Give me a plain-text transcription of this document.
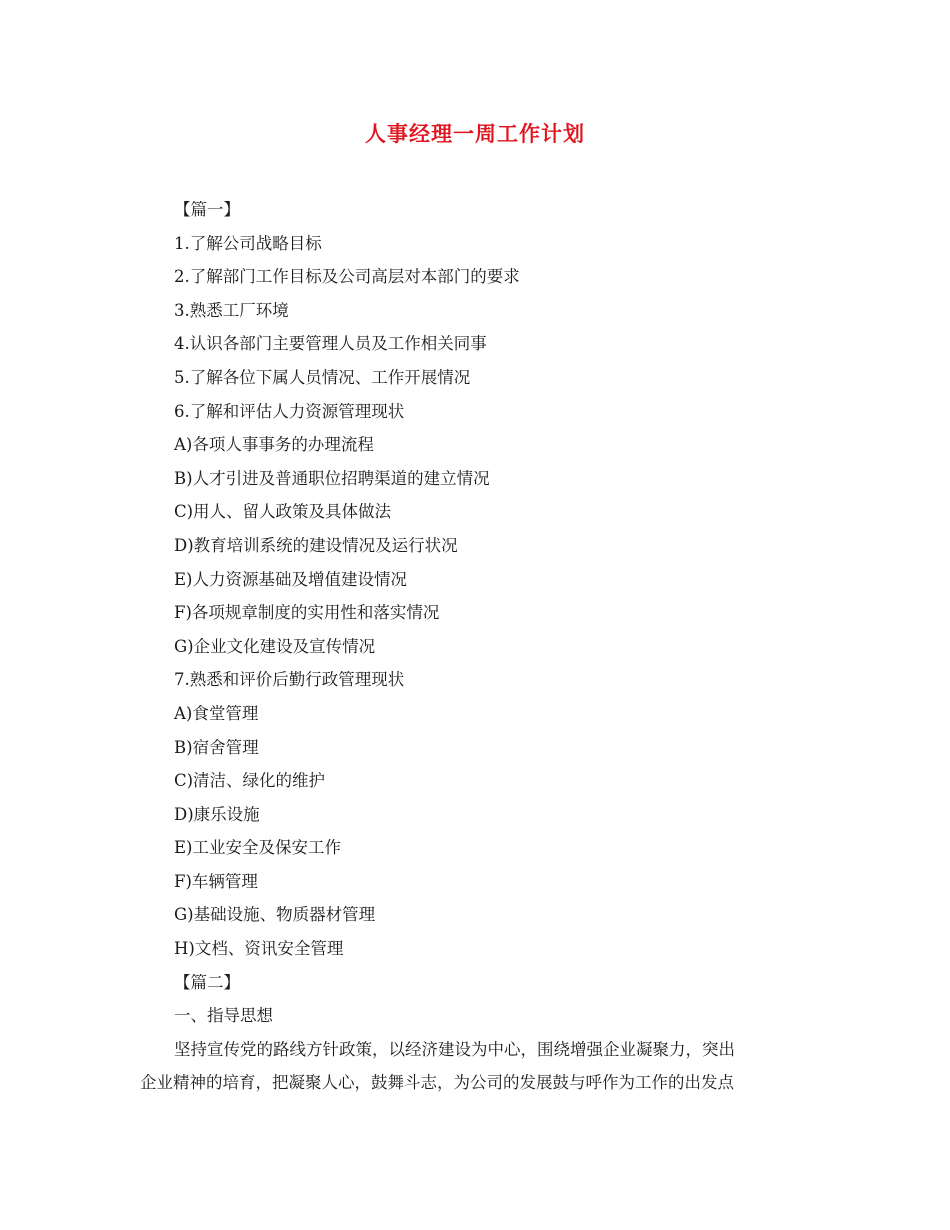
人事经理一周工作计划
【篇一】
1.了解公司战略目标
2.了解部门工作目标及公司高层对本部门的要求
3.熟悉工厂环境
4.认识各部门主要管理人员及工作相关同事
5.了解各位下属人员情况、工作开展情况
6.了解和评估人力资源管理现状
A)各项人事事务的办理流程
B)人才引进及普通职位招聘渠道的建立情况
C)用人、留人政策及具体做法
D)教育培训系统的建设情况及运行状况
E)人力资源基础及增值建设情况
F)各项规章制度的实用性和落实情况
G)企业文化建设及宣传情况
7.熟悉和评价后勤行政管理现状
A)食堂管理
B)宿舍管理
C)清洁、绿化的维护
D)康乐设施
E)工业安全及保安工作
F)车辆管理
G)基础设施、物质器材管理
H)文档、资讯安全管理
【篇二】
一、指导思想
坚持宣传党的路线方针政策，以经济建设为中心，围绕增强企业凝聚力，突出
企业精神的培育，把凝聚人心，鼓舞斗志，为公司的发展鼓与呼作为工作的出发点
